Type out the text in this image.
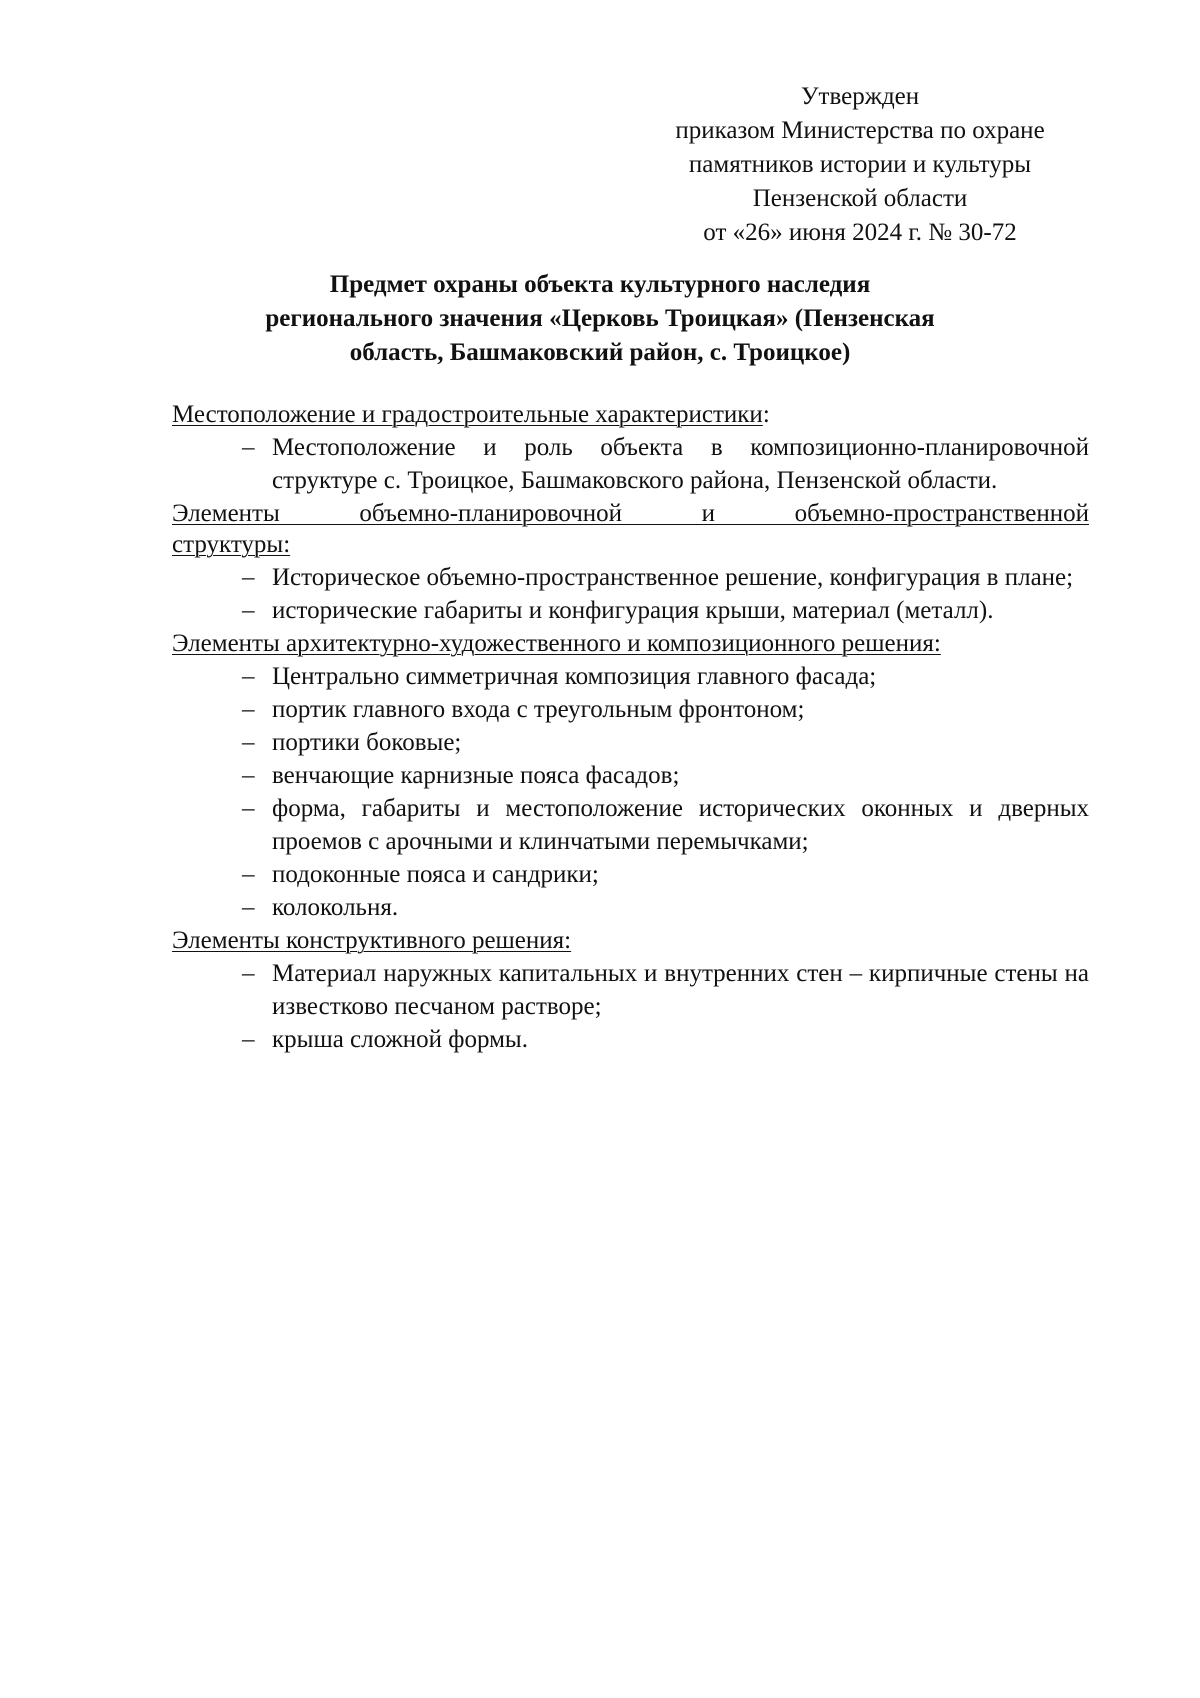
Утвержден
приказом Министерства по охране
памятников истории и культуры
Пензенской области
от «26» июня 2024 г. № 30-72
Предмет охраны объекта культурного наследия
регионального значения «Церковь Троицкая» (Пензенская
область, Башмаковский район, с. Троицкое)
Местоположение и градостроительные характеристики:
– Местоположение и роль объекта в композиционно-планировочной структуре с. Троицкое, Башмаковского района, Пензенской области.
Элементы объемно-планировочной и объемно-пространственной
структуры:
– Историческое объемно-пространственное решение, конфигурация в плане;
– исторические габариты и конфигурация крыши, материал (металл).
Элементы архитектурно-художественного и композиционного решения:
– Центрально симметричная композиция главного фасада;
– портик главного входа с треугольным фронтоном;
– портики боковые;
– венчающие карнизные пояса фасадов;
– форма, габариты и местоположение исторических оконных и дверных проемов с арочными и клинчатыми перемычками;
– подоконные пояса и сандрики;
– колокольня.
Элементы конструктивного решения:
– Материал наружных капитальных и внутренних стен – кирпичные стены на известково песчаном растворе;
– крыша сложной формы.
